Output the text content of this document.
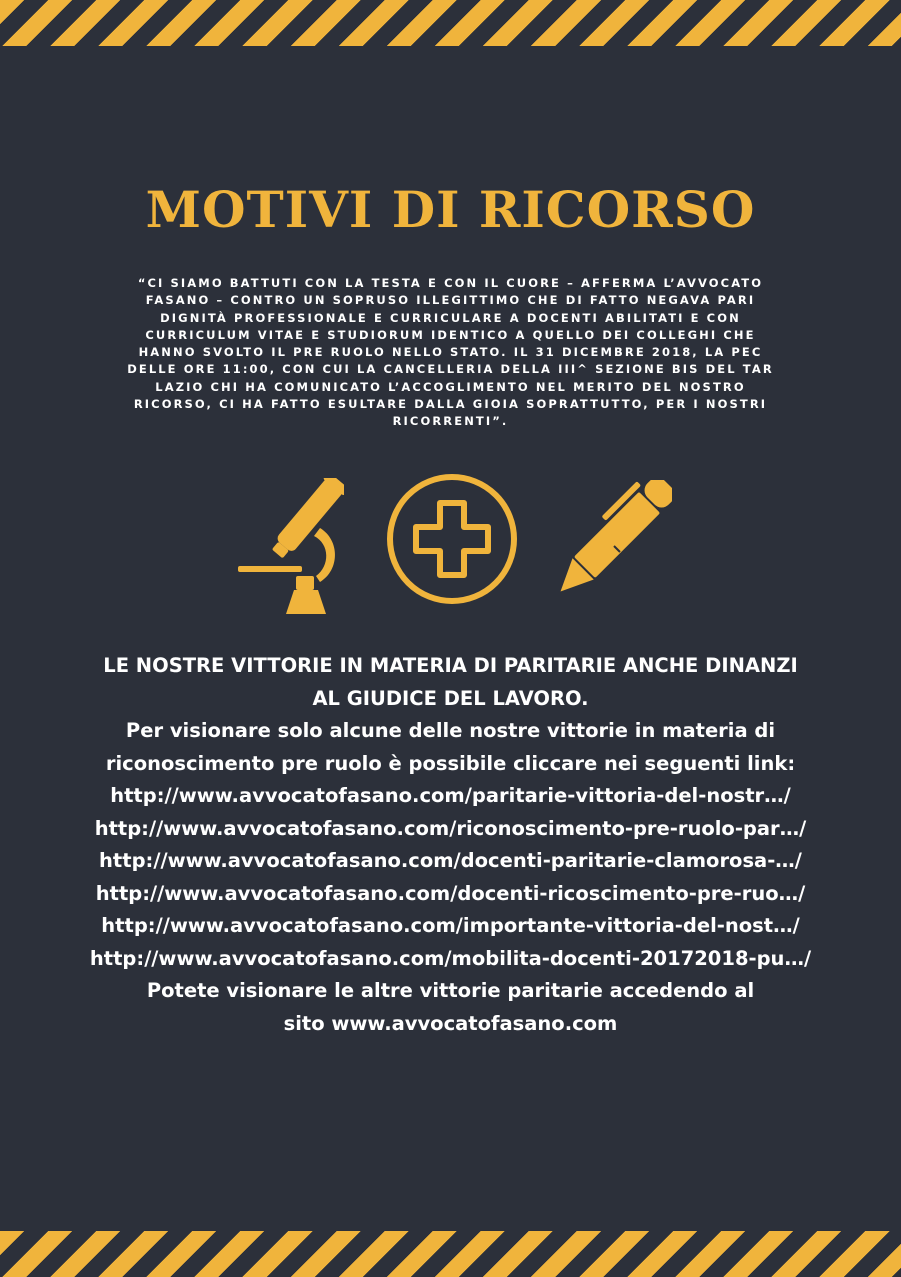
MOTIVI DI RICORSO

“CI SIAMO BATTUTI CON LA TESTA E CON IL CUORE – AFFERMA L’AVVOCATO FASANO – CONTRO UN SOPRUSO ILLEGITTIMO CHE DI FATTO NEGAVA PARI DIGNITÀ PROFESSIONALE E CURRICULARE A DOCENTI ABILITATI E CON CURRICULUM VITAE E STUDIORUM IDENTICO A QUELLO DEI COLLEGHI CHE HANNO SVOLTO IL PRE RUOLO NELLO STATO. IL 31 DICEMBRE 2018, LA PEC DELLE ORE 11:00, CON CUI LA CANCELLERIA DELLA III^ SEZIONE BIS DEL TAR LAZIO CHI HA COMUNICATO L’ACCOGLIMENTO NEL MERITO DEL NOSTRO RICORSO, CI HA FATTO ESULTARE DALLA GIOIA SOPRATTUTTO, PER I NOSTRI RICORRENTI”.

LE NOSTRE VITTORIE IN MATERIA DI PARITARIE ANCHE DINANZI
AL GIUDICE DEL LAVORO.
Per visionare solo alcune delle nostre vittorie in materia di
riconoscimento pre ruolo è possibile cliccare nei seguenti link:
http://www.avvocatofasano.com/paritarie-vittoria-del-nostr…/
http://www.avvocatofasano.com/riconoscimento-pre-ruolo-par…/
http://www.avvocatofasano.com/docenti-paritarie-clamorosa-…/
http://www.avvocatofasano.com/docenti-ricoscimento-pre-ruo…/
http://www.avvocatofasano.com/importante-vittoria-del-nost…/
http://www.avvocatofasano.com/mobilita-docenti-20172018-pu…/
Potete visionare le altre vittorie paritarie accedendo al
sito www.avvocatofasano.com
